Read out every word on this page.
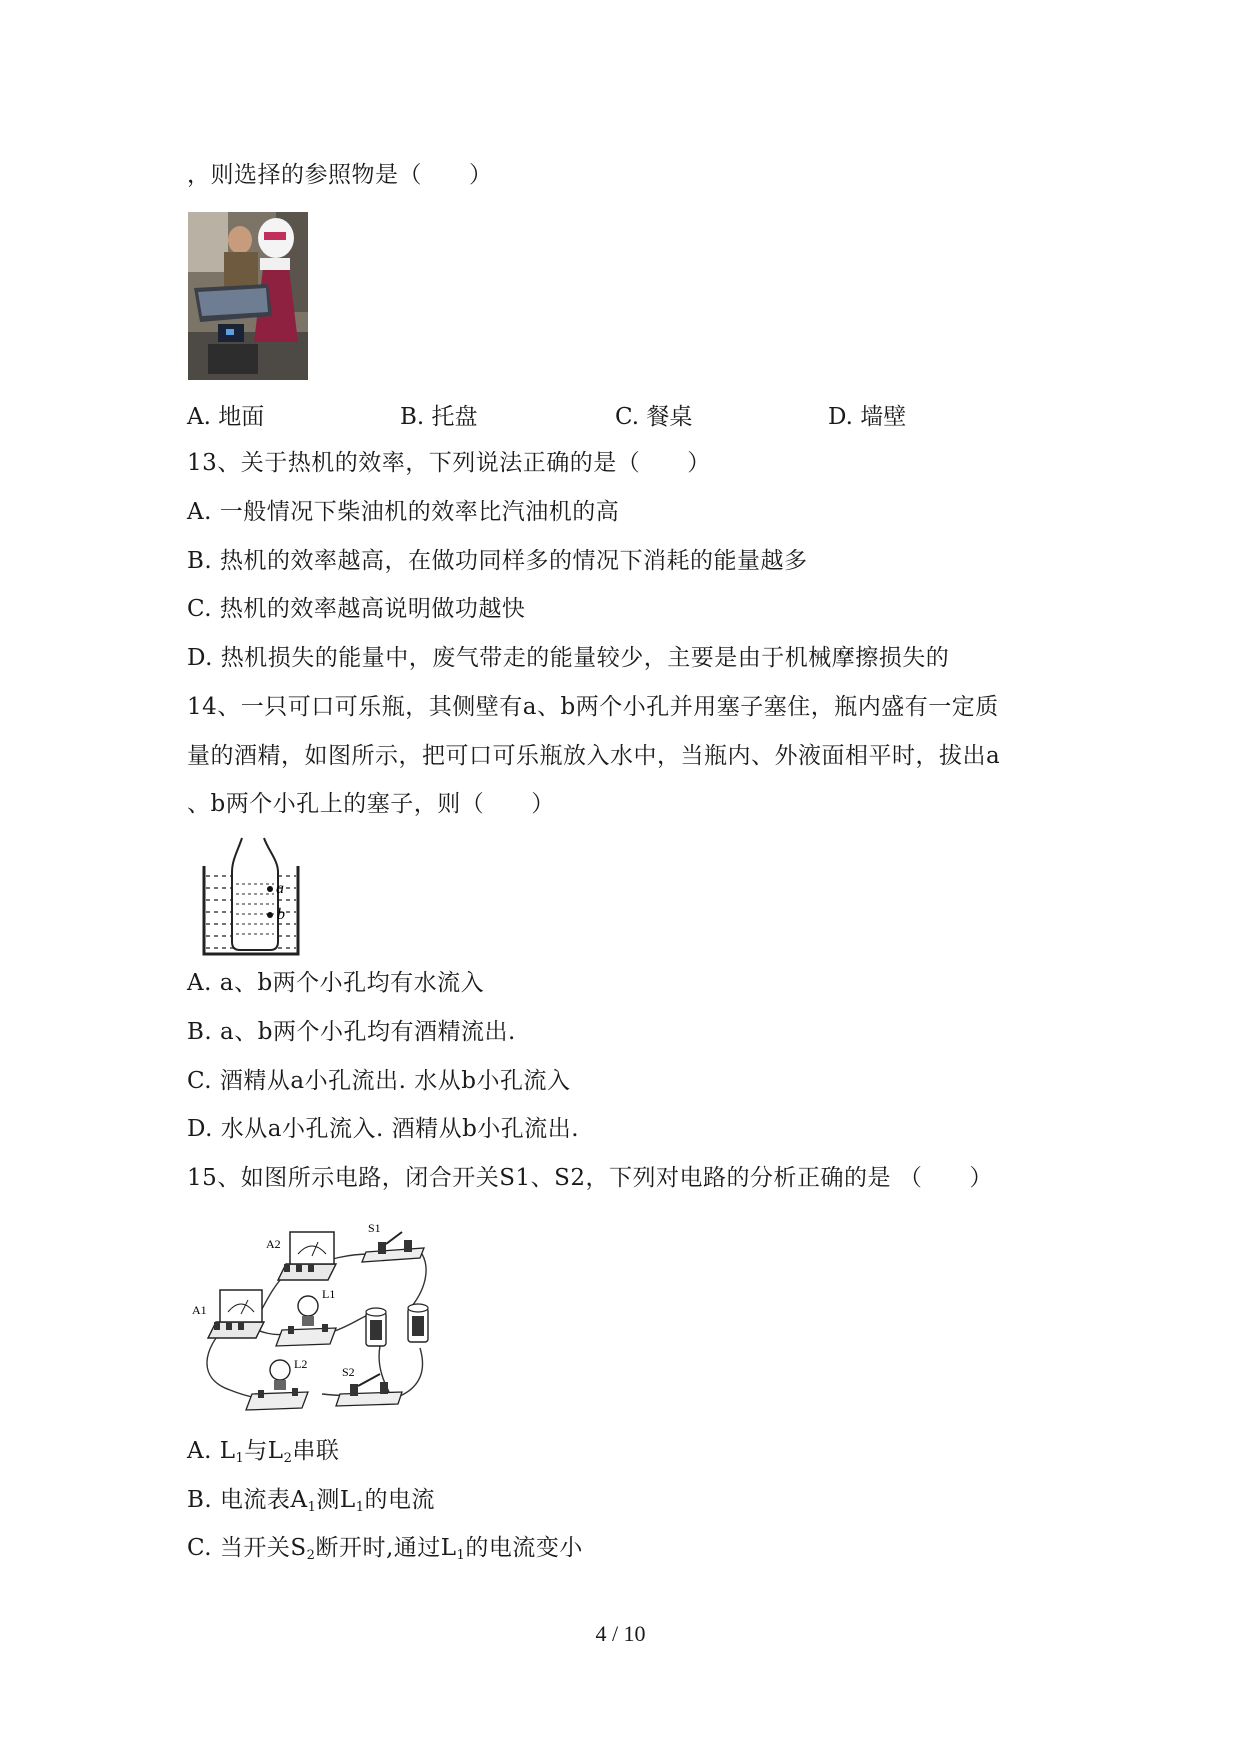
，则选择的参照物是（　　）
A. 地面	B. 托盘	C. 餐桌	D. 墙壁
13、关于热机的效率，下列说法正确的是（　　）
A. 一般情况下柴油机的效率比汽油机的高
B. 热机的效率越高，在做功同样多的情况下消耗的能量越多
C. 热机的效率越高说明做功越快
D. 热机损失的能量中，废气带走的能量较少，主要是由于机械摩擦损失的
14、一只可口可乐瓶，其侧壁有a、b两个小孔并用塞子塞住，瓶内盛有一定质
量的酒精，如图所示，把可口可乐瓶放入水中，当瓶内、外液面相平时，拔出a
、b两个小孔上的塞子，则（　　）
a
b
A. a、b两个小孔均有水流入
B. a、b两个小孔均有酒精流出.
C. 酒精从a小孔流出. 水从b小孔流入
D. 水从a小孔流入. 酒精从b小孔流出.
15、如图所示电路，闭合开关S1、S2，下列对电路的分析正确的是 （　　）
A2
S1
A1
L1
L2
S2
A. $L_1$与$L_2$串联
B. 电流表$A_1$测$L_1$的电流
C. 当开关$S_2$断开时,通过$L_1$的电流变小
4 / 10
